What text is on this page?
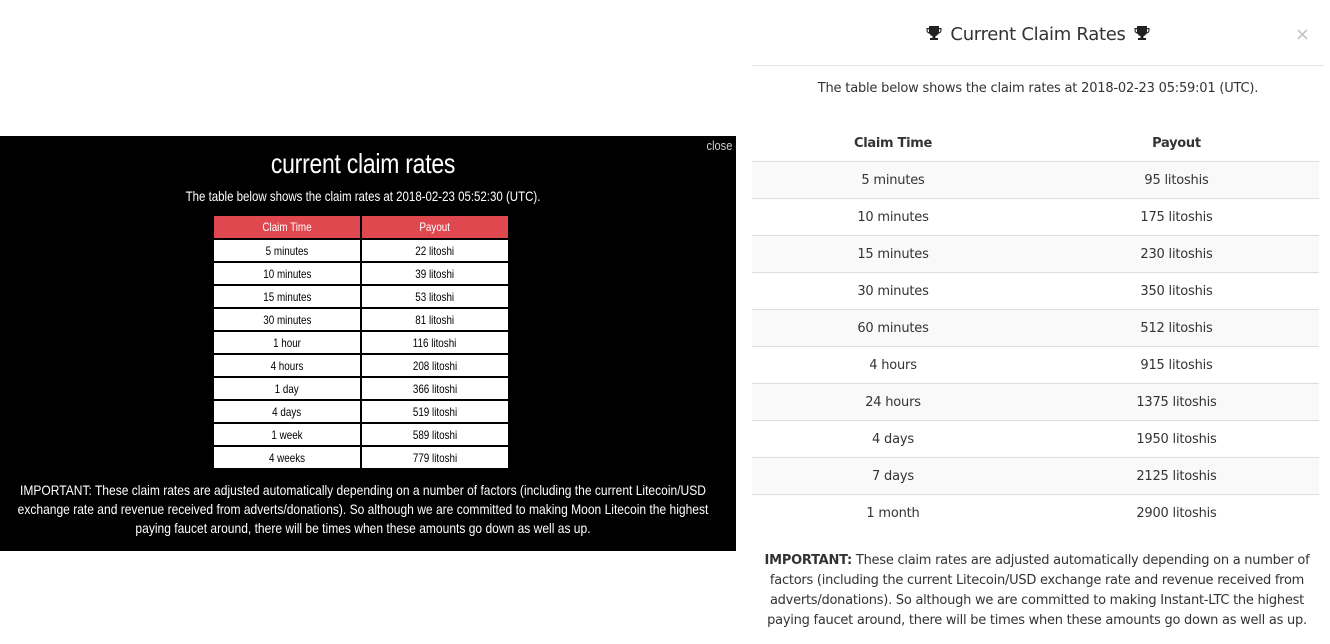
close
current claim rates
The table below shows the claim rates at 2018-02-23 05:52:30 (UTC).
Claim Time	Payout
5 minutes	22 litoshi
10 minutes	39 litoshi
15 minutes	53 litoshi
30 minutes	81 litoshi
1 hour	116 litoshi
4 hours	208 litoshi
1 day	366 litoshi
4 days	519 litoshi
1 week	589 litoshi
4 weeks	779 litoshi
IMPORTANT: These claim rates are adjusted automatically depending on a number of factors (including the current Litecoin/USD exchange rate and revenue received from adverts/donations). So although we are committed to making Moon Litecoin the highest paying faucet around, there will be times when these amounts go down as well as up.
Current Claim Rates	×
The table below shows the claim rates at 2018-02-23 05:59:01 (UTC).
Claim Time	Payout
5 minutes	95 litoshis
10 minutes	175 litoshis
15 minutes	230 litoshis
30 minutes	350 litoshis
60 minutes	512 litoshis
4 hours	915 litoshis
24 hours	1375 litoshis
4 days	1950 litoshis
7 days	2125 litoshis
1 month	2900 litoshis
IMPORTANT: These claim rates are adjusted automatically depending on a number of factors (including the current Litecoin/USD exchange rate and revenue received from adverts/donations). So although we are committed to making Instant-LTC the highest paying faucet around, there will be times when these amounts go down as well as up.
